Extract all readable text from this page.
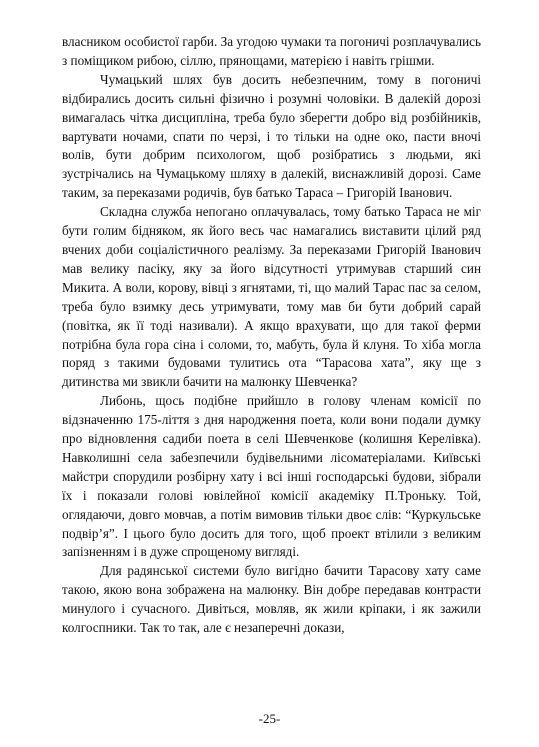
власником особистої гарби. За угодою чумаки та погоничі розплачувались з поміщиком рибою, сіллю, прянощами, матерією і навіть грішми.

Чумацький шлях був досить небезпечним, тому в погоничі відбирались досить сильні фізично і розумні чоловіки. В далекій дорозі вимагалась чітка дисципліна, треба було зберегти добро від розбійників, вартувати ночами, спати по черзі, і то тільки на одне око, пасти вночі волів, бути добрим психологом, щоб розібратись з людьми, які зустрічались на Чумацькому шляху в далекій, виснажливій дорозі. Саме таким, за переказами родичів, був батько Тараса – Григорій Іванович.

Складна служба непогано оплачувалась, тому батько Тараса не міг бути голим бідняком, як його весь час намагались виставити цілий ряд вчених доби соціалістичного реалізму. За переказами Григорій Іванович мав велику пасіку, яку за його відсутності утримував старший син Микита. А воли, корову, вівці з ягнятами, ті, що малий Тарас пас за селом, треба було взимку десь утримувати, тому мав би бути добрий сарай (повітка, як її тоді називали). А якщо врахувати, що для такої ферми потрібна була гора сіна і соломи, то, мабуть, була й клуня. То хіба могла поряд з такими будовами тулитись ота “Тарасова хата”, яку ще з дитинства ми звикли бачити на малюнку Шевченка?

Либонь, щось подібне прийшло в голову членам комісії по відзначенню 175-ліття з дня народження поета, коли вони подали думку про відновлення садиби поета в селі Шевченкове (колишня Керелівка). Навколишні села забезпечили будівельними лісоматеріалами. Київські майстри спорудили розбірну хату і всі інші господарські будови, зібрали їх і показали голові ювілейної комісії академіку П.Троньку. Той, оглядаючи, довго мовчав, а потім вимовив тільки двоє слів: “Куркульське подвір’я”. І цього було досить для того, щоб проект втілили з великим запізненням і в дуже спрощеному вигляді.

Для радянської системи було вигідно бачити Тарасову хату саме такою, якою вона зображена на малюнку. Він добре передавав контрасти минулого і сучасного. Дивіться, мовляв, як жили кріпаки, і як зажили колгоспники. Так то так, але є незаперечні докази,

-25-
